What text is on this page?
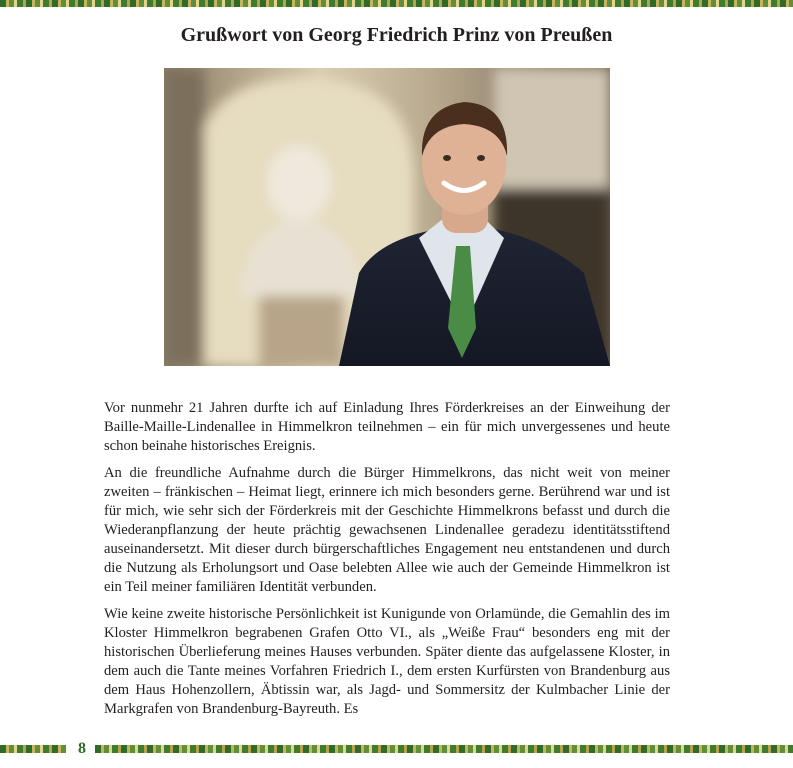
Grußwort von Georg Friedrich Prinz von Preußen

Vor nunmehr 21 Jahren durfte ich auf Einladung Ihres Förderkreises an der Einweihung der Baille-Maille-Lindenallee in Himmelkron teilnehmen – ein für mich unvergessenes und heute schon beinahe historisches Ereignis.

An die freundliche Aufnahme durch die Bürger Himmelkrons, das nicht weit von meiner zweiten – fränkischen – Heimat liegt, erinnere ich mich besonders gerne. Berührend war und ist für mich, wie sehr sich der Förderkreis mit der Geschichte Himmelkrons befasst und durch die Wiederanpflanzung der heute prächtig gewachsenen Lindenallee geradezu identitätsstiftend auseinandersetzt. Mit dieser durch bürgerschaftliches Engagement neu entstandenen und durch die Nutzung als Erholungsort und Oase belebten Allee wie auch der Gemeinde Himmelkron ist ein Teil meiner familiären Identität verbunden.

Wie keine zweite historische Persönlichkeit ist Kunigunde von Orlamünde, die Gemahlin des im Kloster Himmelkron begrabenen Grafen Otto VI., als „Weiße Frau“ besonders eng mit der historischen Überlieferung meines Hauses verbunden. Später diente das aufgelassene Kloster, in dem auch die Tante meines Vorfahren Friedrich I., dem ersten Kurfürsten von Brandenburg aus dem Haus Hohenzollern, Äbtissin war, als Jagd- und Sommersitz der Kulmbacher Linie der Markgrafen von Brandenburg-Bayreuth. Es

8
